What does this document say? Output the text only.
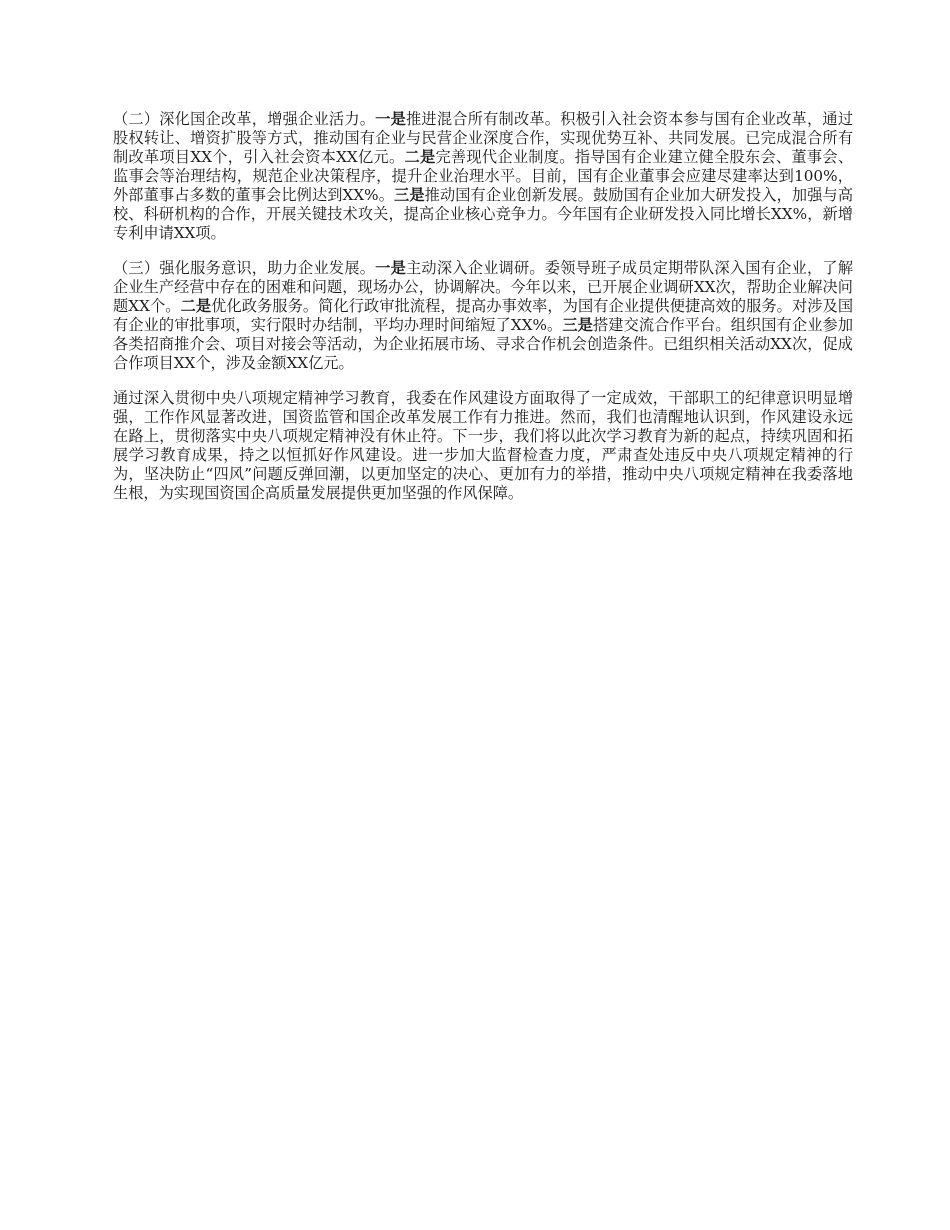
（二）深化国企改革，增强企业活力。一是推进混合所有制改革。积极引入社会资本参与国有企业改革，通过股权转让、增资扩股等方式，推动国有企业与民营企业深度合作，实现优势互补、共同发展。已完成混合所有制改革项目XX个，引入社会资本XX亿元。二是完善现代企业制度。指导国有企业建立健全股东会、董事会、监事会等治理结构，规范企业决策程序，提升企业治理水平。目前，国有企业董事会应建尽建率达到100%，外部董事占多数的董事会比例达到XX%。三是推动国有企业创新发展。鼓励国有企业加大研发投入，加强与高校、科研机构的合作，开展关键技术攻关，提高企业核心竞争力。今年国有企业研发投入同比增长XX%，新增专利申请XX项。

（三）强化服务意识，助力企业发展。一是主动深入企业调研。委领导班子成员定期带队深入国有企业，了解企业生产经营中存在的困难和问题，现场办公，协调解决。今年以来，已开展企业调研XX次，帮助企业解决问题XX个。二是优化政务服务。简化行政审批流程，提高办事效率，为国有企业提供便捷高效的服务。对涉及国有企业的审批事项，实行限时办结制，平均办理时间缩短了XX%。三是搭建交流合作平台。组织国有企业参加各类招商推介会、项目对接会等活动，为企业拓展市场、寻求合作机会创造条件。已组织相关活动XX次，促成合作项目XX个，涉及金额XX亿元。

通过深入贯彻中央八项规定精神学习教育，我委在作风建设方面取得了一定成效，干部职工的纪律意识明显增强，工作作风显著改进，国资监管和国企改革发展工作有力推进。然而，我们也清醒地认识到，作风建设永远在路上，贯彻落实中央八项规定精神没有休止符。下一步，我们将以此次学习教育为新的起点，持续巩固和拓展学习教育成果，持之以恒抓好作风建设。进一步加大监督检查力度，严肃查处违反中央八项规定精神的行为，坚决防止“四风”问题反弹回潮，以更加坚定的决心、更加有力的举措，推动中央八项规定精神在我委落地生根，为实现国资国企高质量发展提供更加坚强的作风保障。
